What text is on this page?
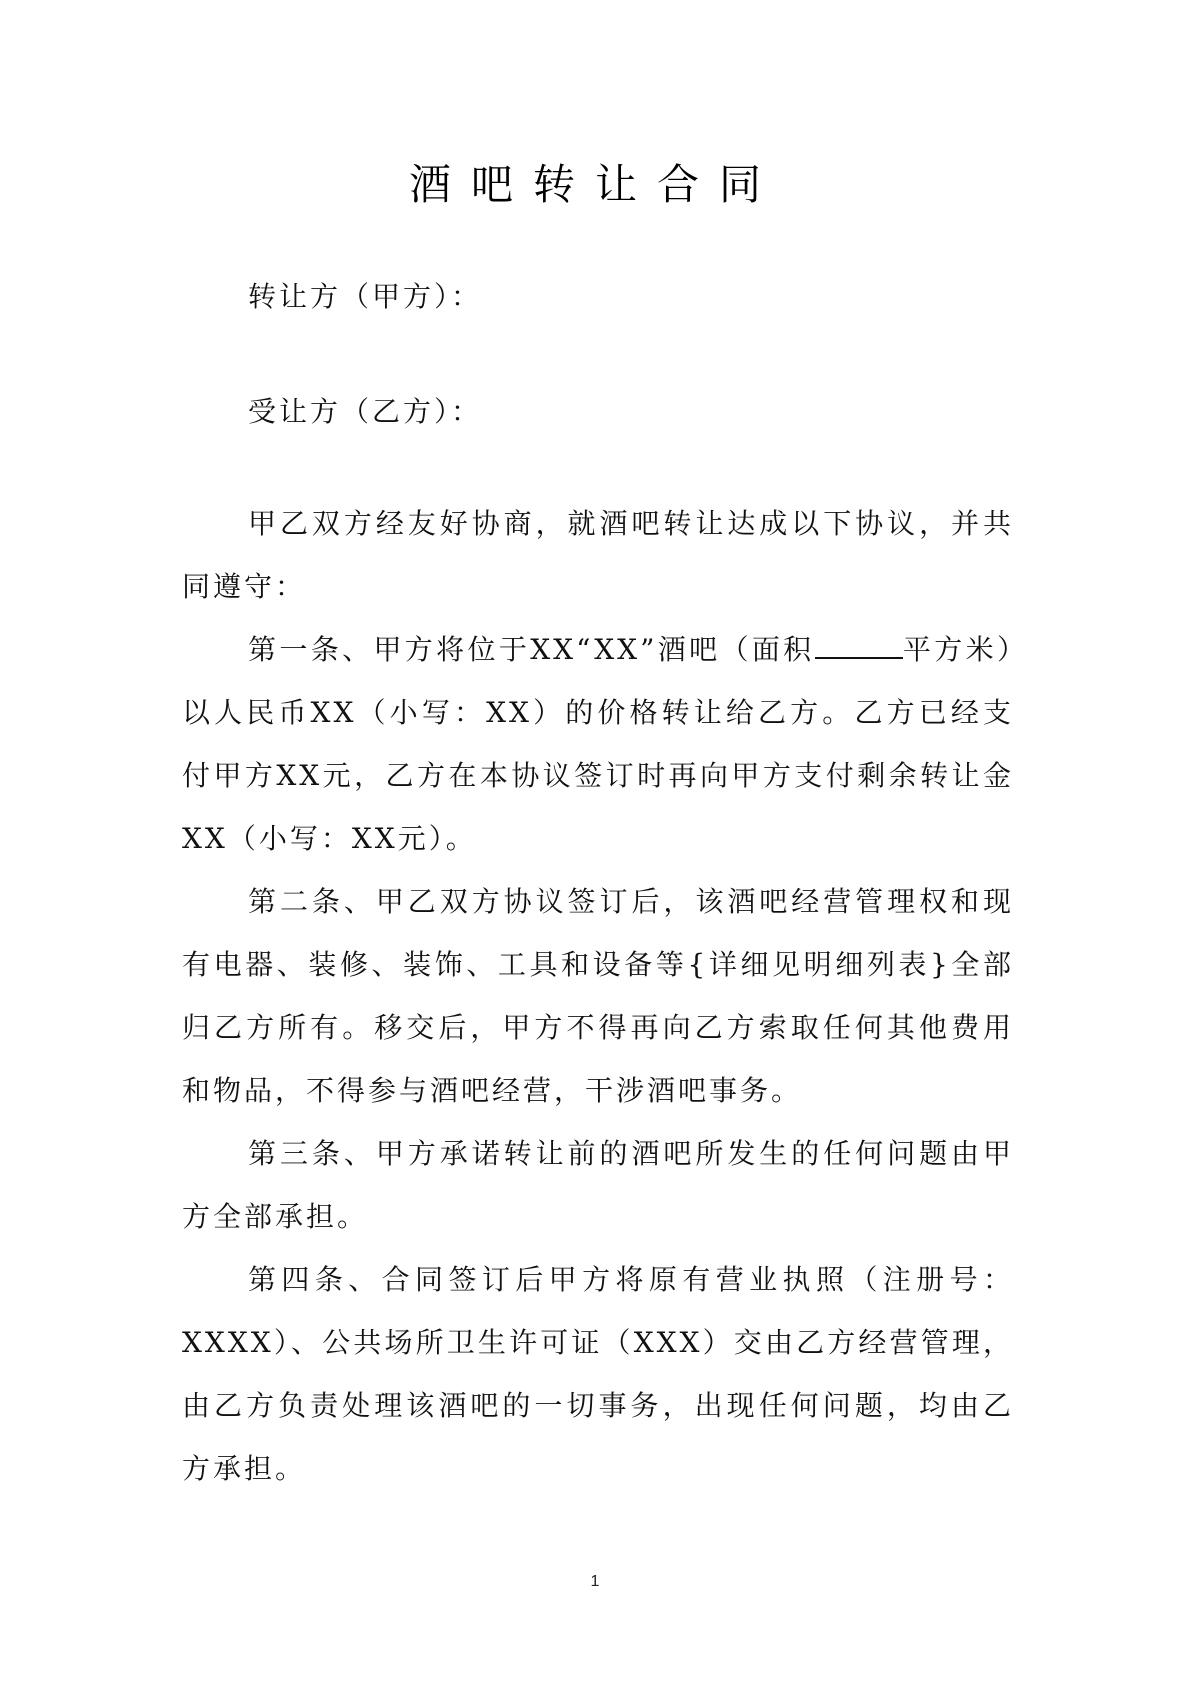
酒吧转让合同
转让方（甲方）：
受让方（乙方）：

甲乙双方经友好协商，就酒吧转让达成以下协议，并共同遵守：

第一条、甲方将位于XX“XX”酒吧（面积	平方米）以人民币XX（小写：XX）的价格转让给乙方。乙方已经支付甲方XX元，乙方在本协议签订时再向甲方支付剩余转让金XX（小写：XX元）。

第二条、甲乙双方协议签订后，该酒吧经营管理权和现有电器、装修、装饰、工具和设备等{详细见明细列表}全部归乙方所有。移交后，甲方不得再向乙方索取任何其他费用和物品，不得参与酒吧经营，干涉酒吧事务。

第三条、甲方承诺转让前的酒吧所发生的任何问题由甲方全部承担。

第四条、合同签订后甲方将原有营业执照（注册号：XXXX）、公共场所卫生许可证（XXX）交由乙方经营管理，由乙方负责处理该酒吧的一切事务，出现任何问题，均由乙方承担。

1
